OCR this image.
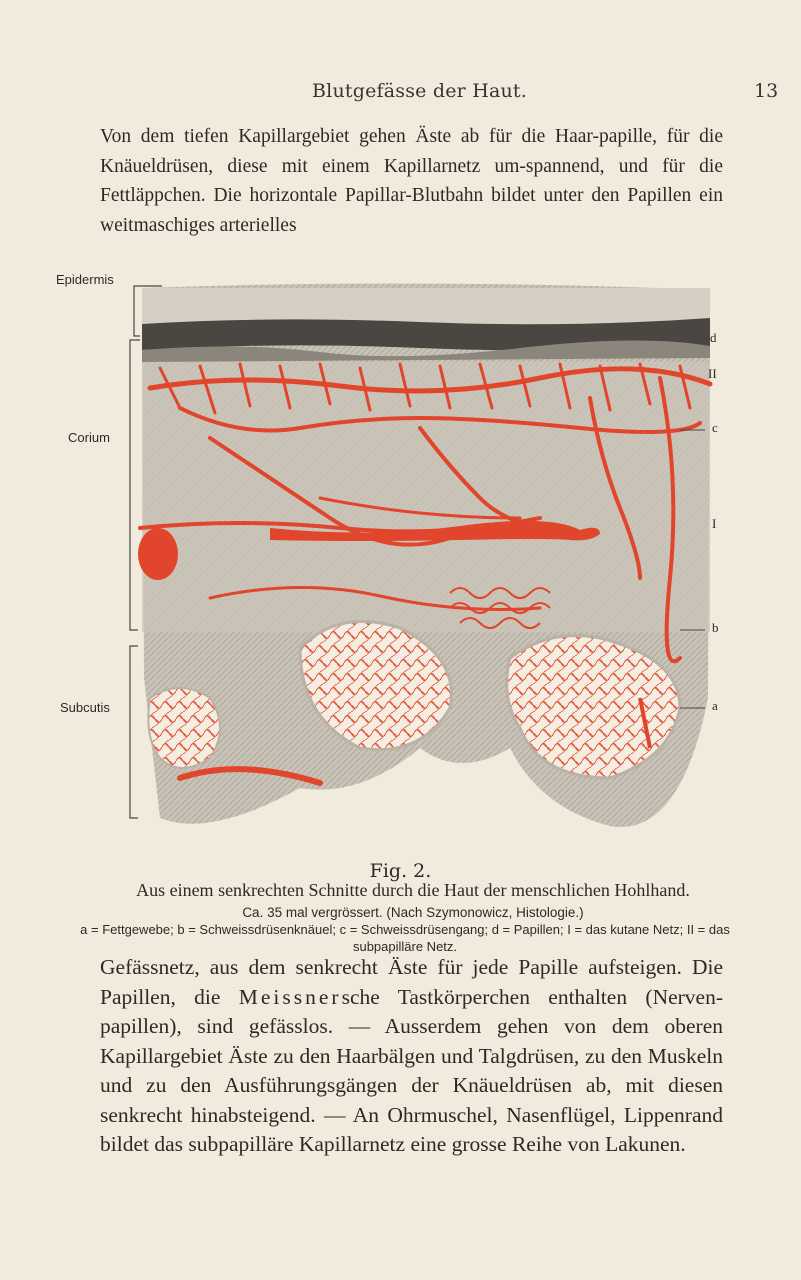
Blutgefässe der Haut.	13
Von dem tiefen Kapillargebiet gehen Äste ab für die Haar-papille, für die Knäueldrüsen, diese mit einem Kapillarnetz um-spannend, und für die Fettläppchen. Die horizontale Papillar-Blutbahn bildet unter den Papillen ein weitmaschiges arterielles
Epidermis
Corium
Subcutis
d
II
c
I
b
a
Fig. 2.
Aus einem senkrechten Schnitte durch die Haut der menschlichen Hohlhand.
Ca. 35 mal vergrössert. (Nach Szymonowicz, Histologie.)
a = Fettgewebe; b = Schweissdrüsenknäuel; c = Schweissdrüsengang; d = Papillen; I = das kutane Netz; II = das subpapilläre Netz.
Gefässnetz, aus dem senkrecht Äste für jede Papille aufsteigen. Die Papillen, die Meissnersche Tastkörperchen enthalten (Nerven-papillen), sind gefässlos. — Ausserdem gehen von dem oberen Kapillargebiet Äste zu den Haarbälgen und Talgdrüsen, zu den Muskeln und zu den Ausführungsgängen der Knäueldrüsen ab, mit diesen senkrecht hinabsteigend. — An Ohrmuschel, Nasenflügel, Lippenrand bildet das subpapilläre Kapillarnetz eine grosse Reihe von Lakunen.
